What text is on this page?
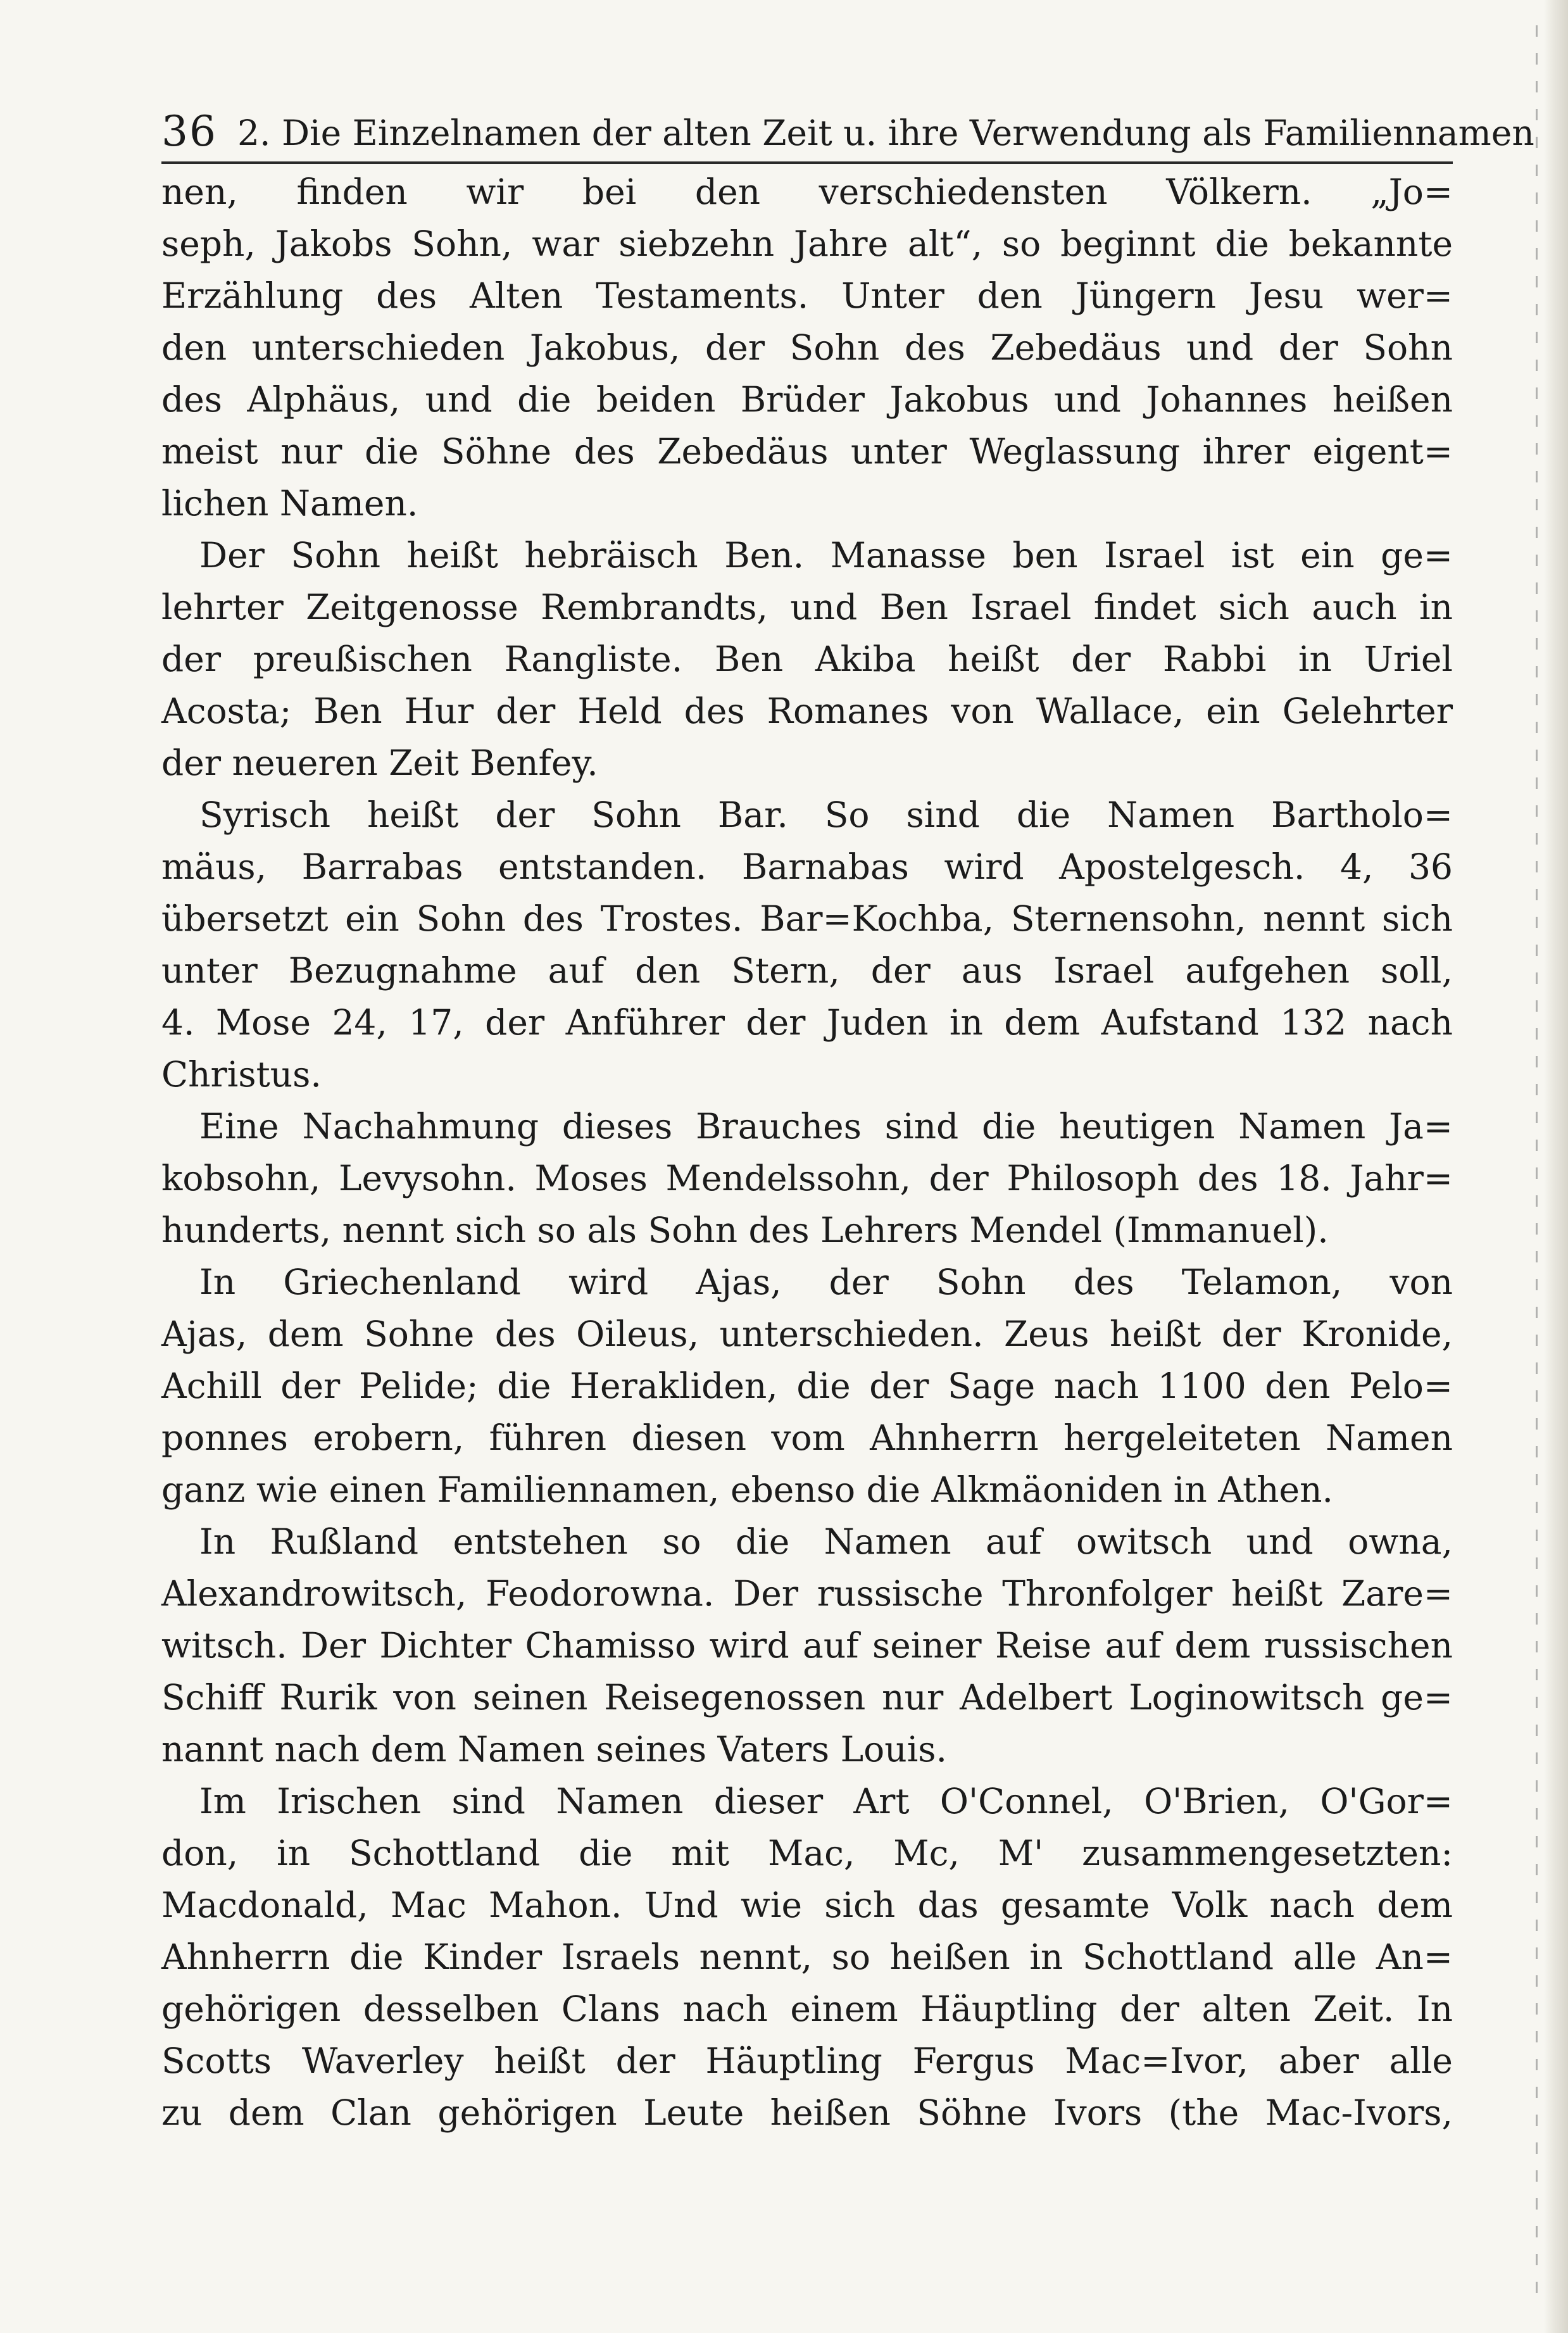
36 2. Die Einzelnamen der alten Zeit u. ihre Verwendung als Familiennamen
nen, finden wir bei den verschiedensten Völkern. „Jo=
seph, Jakobs Sohn, war siebzehn Jahre alt“, so beginnt die bekannte
Erzählung des Alten Testaments. Unter den Jüngern Jesu wer=
den unterschieden Jakobus, der Sohn des Zebedäus und der Sohn
des Alphäus, und die beiden Brüder Jakobus und Johannes heißen
meist nur die Söhne des Zebedäus unter Weglassung ihrer eigent=
lichen Namen.
Der Sohn heißt hebräisch Ben. Manasse ben Israel ist ein ge=
lehrter Zeitgenosse Rembrandts, und Ben Israel findet sich auch in
der preußischen Rangliste. Ben Akiba heißt der Rabbi in Uriel
Acosta; Ben Hur der Held des Romanes von Wallace, ein Gelehrter
der neueren Zeit Benfey.
Syrisch heißt der Sohn Bar. So sind die Namen Bartholo=
mäus, Barrabas entstanden. Barnabas wird Apostelgesch. 4, 36
übersetzt ein Sohn des Trostes. Bar=Kochba, Sternensohn, nennt sich
unter Bezugnahme auf den Stern, der aus Israel aufgehen soll,
4. Mose 24, 17, der Anführer der Juden in dem Aufstand 132 nach
Christus.
Eine Nachahmung dieses Brauches sind die heutigen Namen Ja=
kobsohn, Levysohn. Moses Mendelssohn, der Philosoph des 18. Jahr=
hunderts, nennt sich so als Sohn des Lehrers Mendel (Immanuel).
In Griechenland wird Ajas, der Sohn des Telamon, von
Ajas, dem Sohne des Oileus, unterschieden. Zeus heißt der Kronide,
Achill der Pelide; die Herakliden, die der Sage nach 1100 den Pelo=
ponnes erobern, führen diesen vom Ahnherrn hergeleiteten Namen
ganz wie einen Familiennamen, ebenso die Alkmäoniden in Athen.
In Rußland entstehen so die Namen auf owitsch und owna,
Alexandrowitsch, Feodorowna. Der russische Thronfolger heißt Zare=
witsch. Der Dichter Chamisso wird auf seiner Reise auf dem russischen
Schiff Rurik von seinen Reisegenossen nur Adelbert Loginowitsch ge=
nannt nach dem Namen seines Vaters Louis.
Im Irischen sind Namen dieser Art O'Connel, O'Brien, O'Gor=
don, in Schottland die mit Mac, Mc, M' zusammengesetzten:
Macdonald, Mac Mahon. Und wie sich das gesamte Volk nach dem
Ahnherrn die Kinder Israels nennt, so heißen in Schottland alle An=
gehörigen desselben Clans nach einem Häuptling der alten Zeit. In
Scotts Waverley heißt der Häuptling Fergus Mac=Ivor, aber alle
zu dem Clan gehörigen Leute heißen Söhne Ivors (the Mac-Ivors,
